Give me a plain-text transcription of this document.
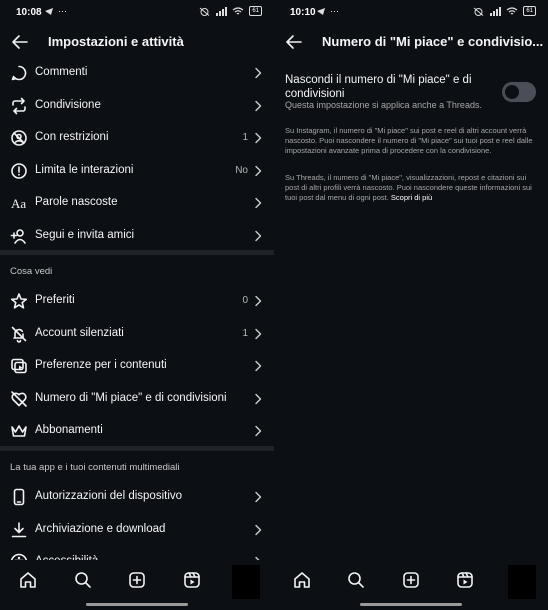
10:08 ···	61
Impostazioni e attività
Commenti
Condivisione
Con restrizioni	1
Limita le interazioni	No
Aa Parole nascoste
Segui e invita amici
Cosa vedi
Preferiti	0
Account silenziati	1
Preferenze per i contenuti
Numero di "Mi piace" e di condivisioni
Abbonamenti
La tua app e i tuoi contenuti multimediali
Autorizzazioni del dispositivo
Archiviazione e download
10:10 ···	61
Numero di "Mi piace" e condivisio...
Nascondi il numero di "Mi piace" e di condivisioni
Questa impostazione si applica anche a Threads.
Su Instagram, il numero di "Mi piace" sui post e reel di altri account verrà nascosto. Puoi nascondere il numero di "Mi piace" sui tuoi post e reel dalle impostazioni avanzate prima di procedere con la condivisione.
Su Threads, il numero di "Mi piace", visualizzazioni, repost e citazioni sui post di altri profili verrà nascosto. Puoi nascondere queste informazioni sui tuoi post dal menu di ogni post. Scopri di più
